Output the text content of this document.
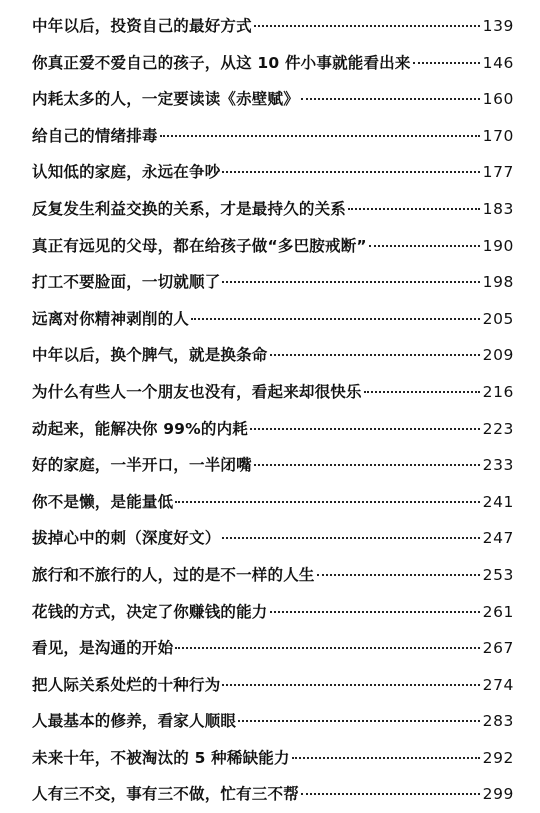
中年以后，投资自己的最好方式	139
你真正爱不爱自己的孩子，从这 10 件小事就能看出来	146
内耗太多的人，一定要读读《赤壁赋》	160
给自己的情绪排毒	170
认知低的家庭，永远在争吵	177
反复发生利益交换的关系，才是最持久的关系	183
真正有远见的父母，都在给孩子做“多巴胺戒断”	190
打工不要脸面，一切就顺了	198
远离对你精神剥削的人	205
中年以后，换个脾气，就是换条命	209
为什么有些人一个朋友也没有，看起来却很快乐	216
动起来，能解决你 99%的内耗	223
好的家庭，一半开口，一半闭嘴	233
你不是懒，是能量低	241
拔掉心中的刺（深度好文）	247
旅行和不旅行的人，过的是不一样的人生	253
花钱的方式，决定了你赚钱的能力	261
看见，是沟通的开始	267
把人际关系处烂的十种行为	274
人最基本的修养，看家人顺眼	283
未来十年，不被淘汰的 5 种稀缺能力	292
人有三不交，事有三不做，忙有三不帮	299
